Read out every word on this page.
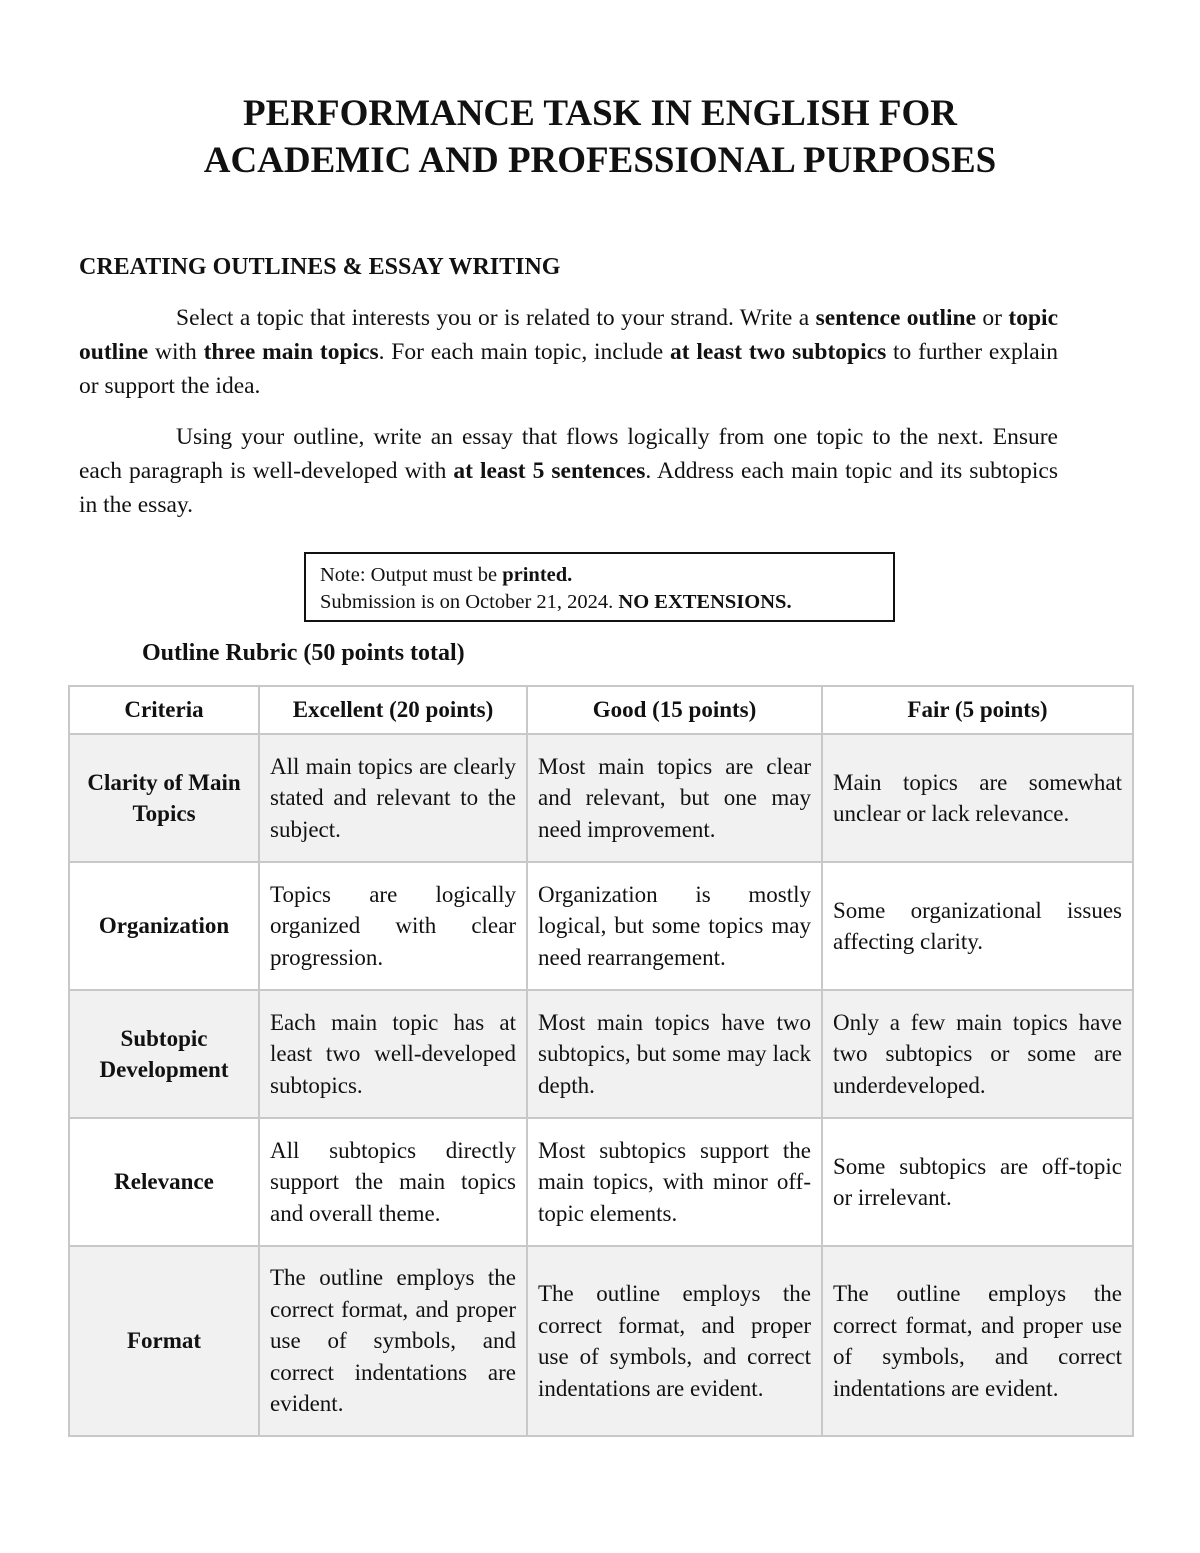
PERFORMANCE TASK IN ENGLISH FOR
ACADEMIC AND PROFESSIONAL PURPOSES
CREATING OUTLINES & ESSAY WRITING

Select a topic that interests you or is related to your strand. Write a sentence outline or topic outline with three main topics. For each main topic, include at least two subtopics to further explain or support the idea.

Using your outline, write an essay that flows logically from one topic to the next. Ensure each paragraph is well-developed with at least 5 sentences. Address each main topic and its subtopics in the essay.

Note: Output must be printed.
Submission is on October 21, 2024. NO EXTENSIONS.
Outline Rubric (50 points total)
Criteria	Excellent (20 points)	Good (15 points)	Fair (5 points)
Clarity of Main Topics	All main topics are clearly stated and relevant to the subject.	Most main topics are clear and relevant, but one may need improvement.	Main topics are somewhat unclear or lack relevance.
Organization	Topics are logically organized with clear progression.	Organization is mostly logical, but some topics may need rearrangement.	Some organizational issues affecting clarity.
Subtopic Development	Each main topic has at least two well-developed subtopics.	Most main topics have two subtopics, but some may lack depth.	Only a few main topics have two subtopics or some are underdeveloped.
Relevance	All subtopics directly support the main topics and overall theme.	Most subtopics support the main topics, with minor off-topic elements.	Some subtopics are off-topic or irrelevant.
Format	The outline employs the correct format, and proper use of symbols, and correct indentations are evident.	The outline employs the correct format, and proper use of symbols, and correct indentations are evident.	The outline employs the correct format, and proper use of symbols, and correct indentations are evident.
